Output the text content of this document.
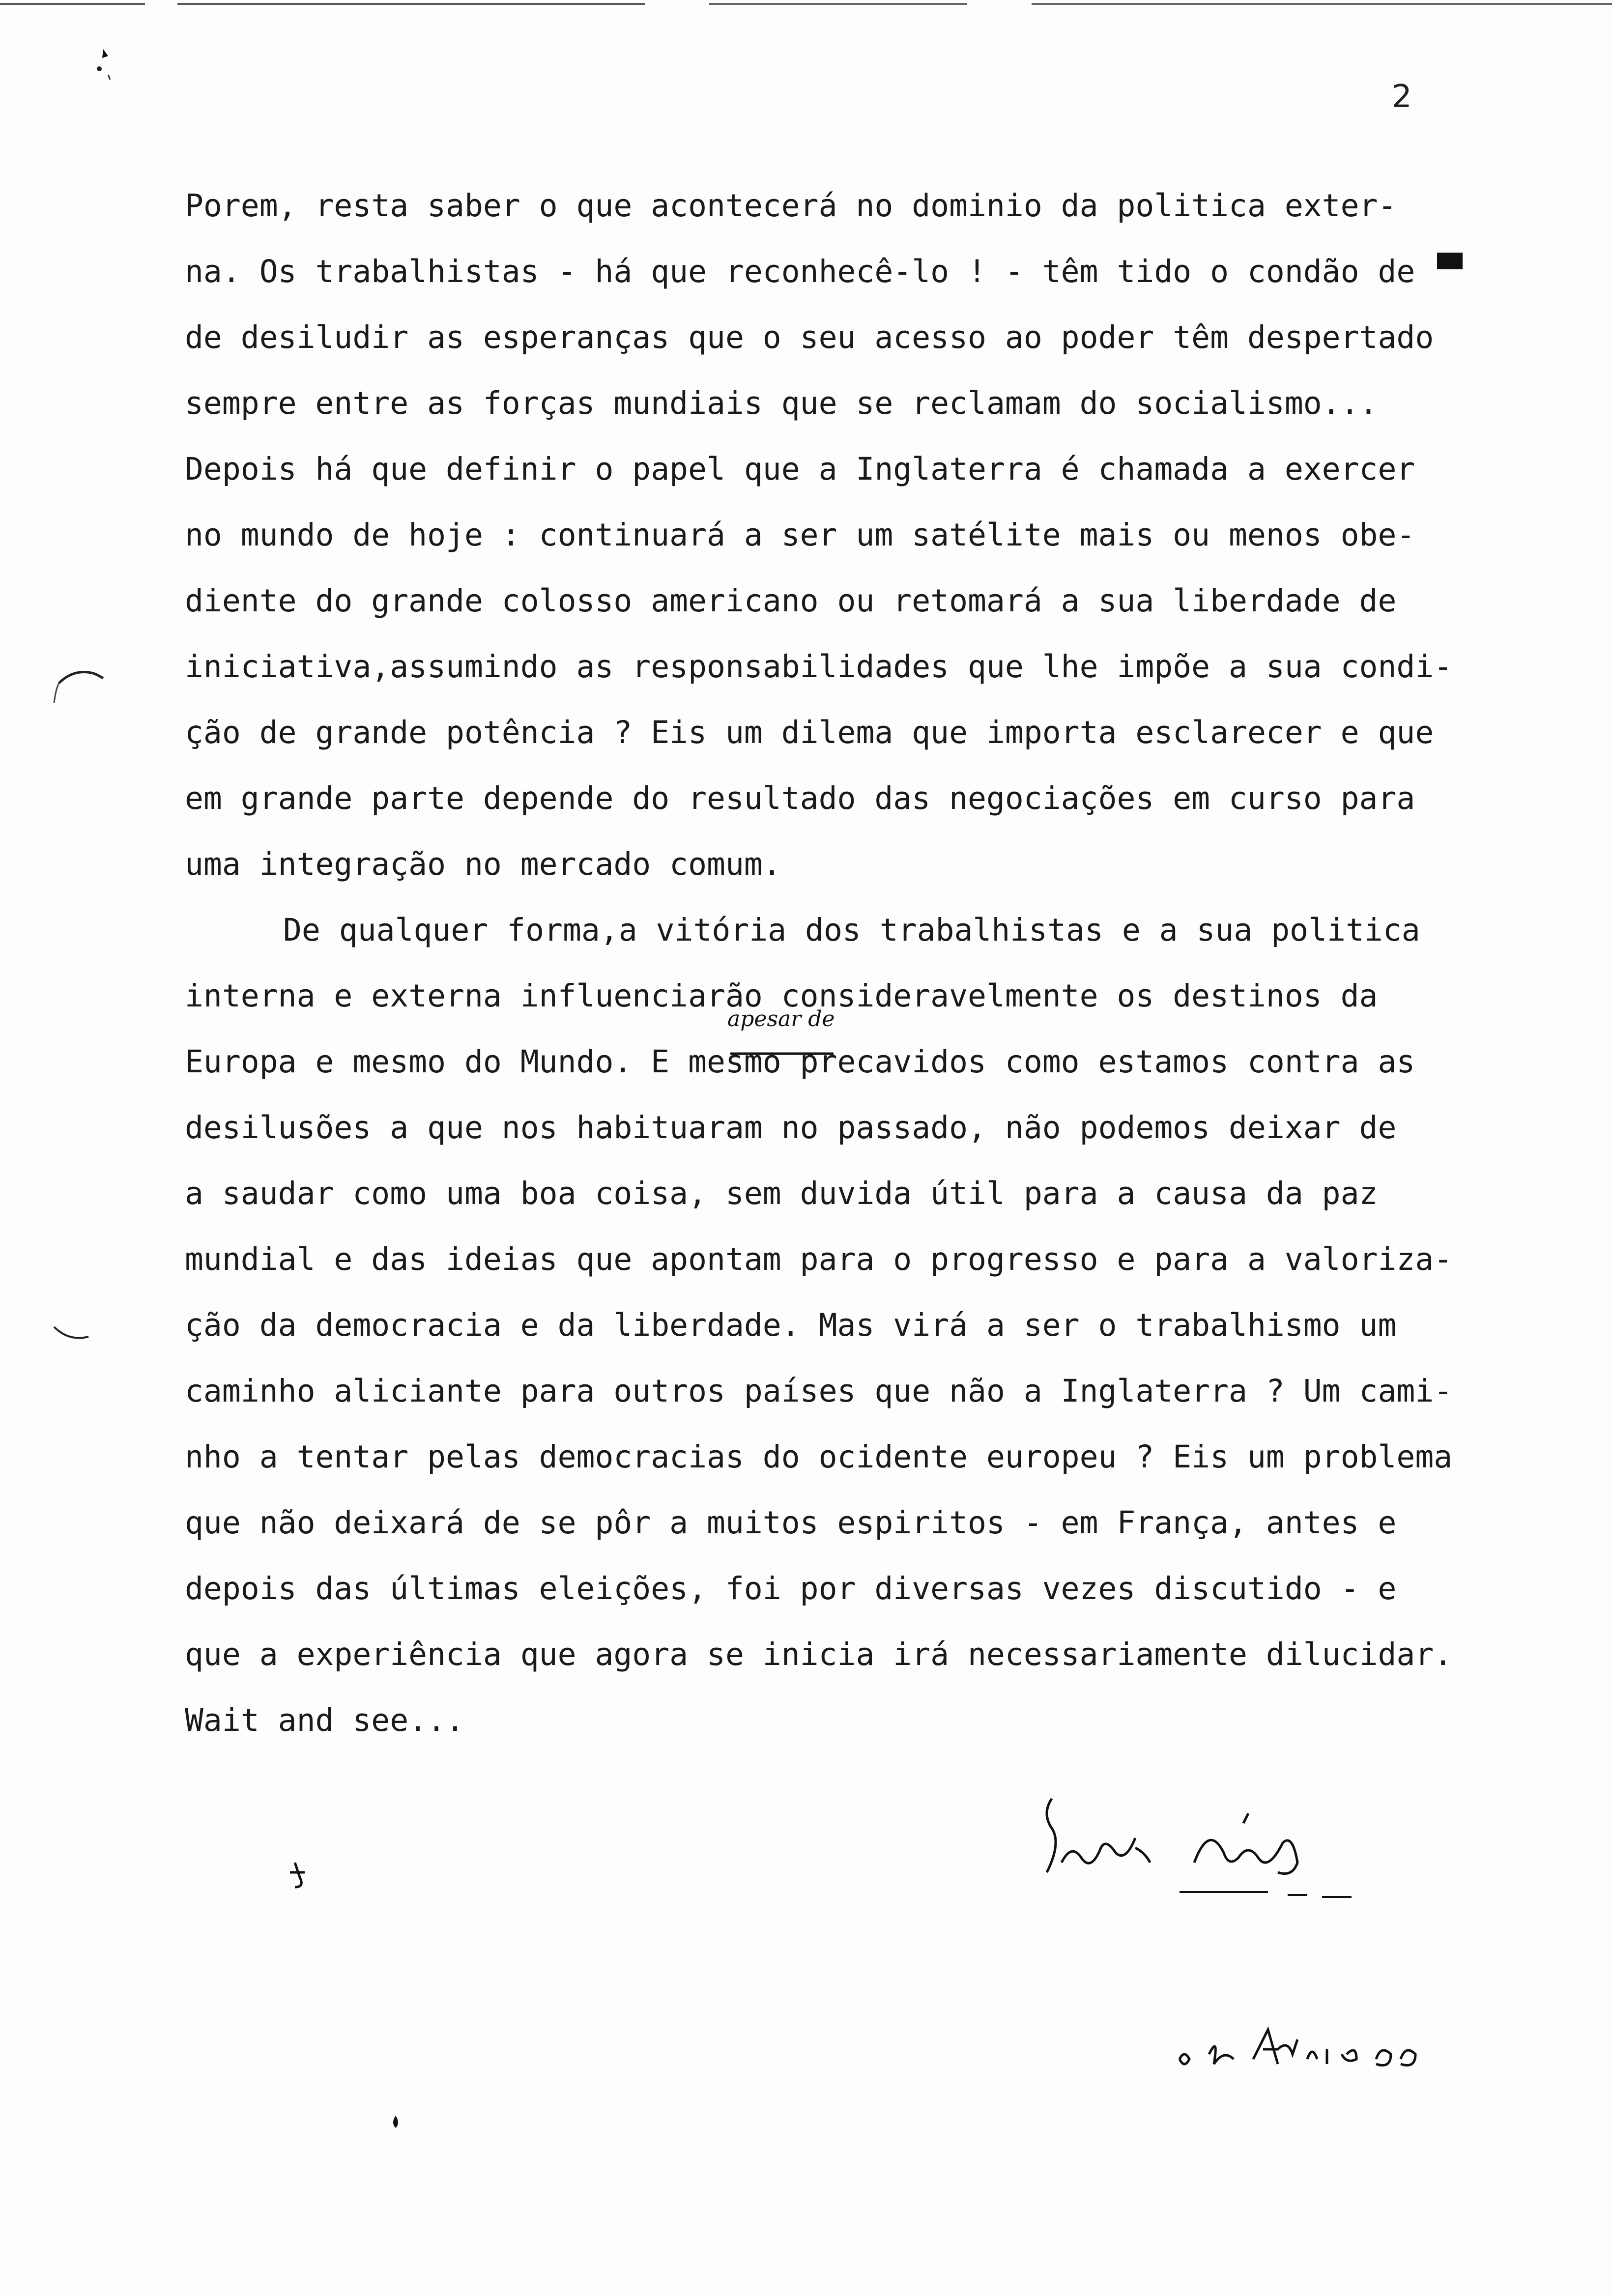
2
Porem, resta saber o que acontecerá no dominio da politica exter-
na. Os trabalhistas - há que reconhecê-lo ! - têm tido o condão de
de desiludir as esperanças que o seu acesso ao poder têm despertado
sempre entre as forças mundiais que se reclamam do socialismo...
Depois há que definir o papel que a Inglaterra é chamada a exercer
no mundo de hoje : continuará a ser um satélite mais ou menos obe-
diente do grande colosso americano ou retomará a sua liberdade de
iniciativa,assumindo as responsabilidades que lhe impõe a sua condi-
ção de grande potência ? Eis um dilema que importa esclarecer e que
em grande parte depende do resultado das negociações em curso para
uma integração no mercado comum.
De qualquer forma,a vitória dos trabalhistas e a sua politica
interna e externa influenciarão consideravelmente os destinos da
Europa e mesmo do Mundo. E mesmo precavidos como estamos contra as
desilusões a que nos habituaram no passado, não podemos deixar de
a saudar como uma boa coisa, sem duvida útil para a causa da paz
mundial e das ideias que apontam para o progresso e para a valoriza-
ção da democracia e da liberdade. Mas virá a ser o trabalhismo um
caminho aliciante para outros países que não a Inglaterra ? Um cami-
nho a tentar pelas democracias do ocidente europeu ? Eis um problema
que não deixará de se pôr a muitos espiritos - em França, antes e
depois das últimas eleições, foi por diversas vezes discutido - e
que a experiência que agora se inicia irá necessariamente dilucidar.
Wait and see...
apesar de
Lúcio Lara
30 Abril 66
